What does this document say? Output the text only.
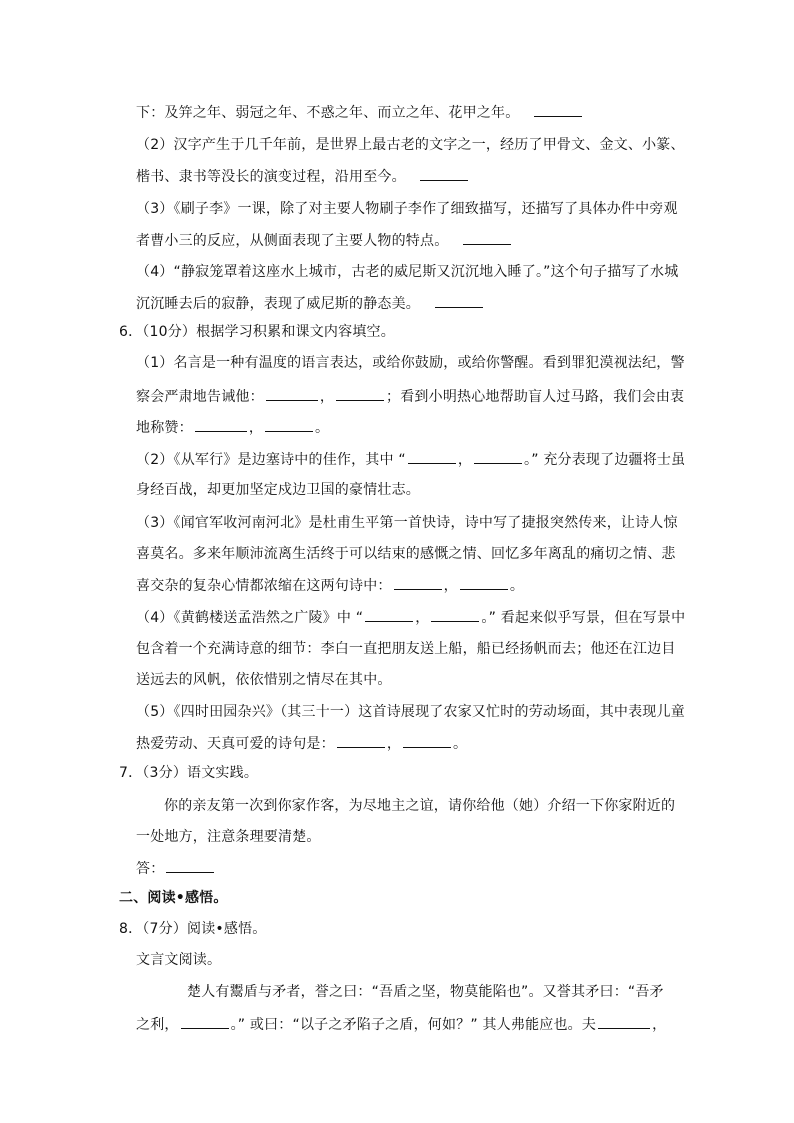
下：及笄之年、弱冠之年、不惑之年、而立之年、花甲之年。
（2）汉字产生于几千年前，是世界上最古老的文字之一，经历了甲骨文、金文、小篆、
楷书、隶书等没长的演变过程，沿用至今。
（3）《刷子李》一课，除了对主要人物刷子李作了细致描写，还描写了具体办件中旁观
者曹小三的反应，从侧面表现了主要人物的特点。
（4）“静寂笼罩着这座水上城市，古老的威尼斯又沉沉地入睡了。”这个句子描写了水城
沉沉睡去后的寂静，表现了威尼斯的静态美。
6．（10分）根据学习积累和课文内容填空。
（1）名言是一种有温度的语言表达，或给你鼓励，或给你警醒。看到罪犯漠视法纪，警
察会严肃地告诫他：	，	；看到小明热心地帮助盲人过马路，我们会由衷
地称赞：	，	。
（2）《从军行》是边塞诗中的佳作，其中 “	，	。” 充分表现了边疆将士虽
身经百战，却更加坚定戍边卫国的豪情壮志。
（3）《闻官军收河南河北》是杜甫生平第一首快诗，诗中写了捷报突然传来，让诗人惊
喜莫名。多来年顺沛流离生活终于可以结束的感慨之情、回忆多年离乱的痛切之情、悲
喜交杂的复杂心情都浓缩在这两句诗中：	，	。
（4）《黄鹤楼送孟浩然之广陵》中 “	，	。” 看起来似乎写景，但在写景中
包含着一个充满诗意的细节：李白一直把朋友送上船，船已经扬帆而去；他还在江边目
送远去的风帆，依依惜别之情尽在其中。
（5）《四时田园杂兴》（其三十一）这首诗展现了农家又忙时的劳动场面，其中表现儿童
热爱劳动、天真可爱的诗句是：	，	。
7．（3分）语文实践。
你的亲友第一次到你家作客，为尽地主之谊，请你给他（她）介绍一下你家附近的
一处地方，注意条理要清楚。
答：
二、阅读•感悟。
8．（7分）阅读•感悟。
文言文阅读。
楚人有鬻盾与矛者，誉之曰：“吾盾之坚，物莫能陷也”。又誉其矛曰：“吾矛
之利，	。” 或曰：“以子之矛陷子之盾，何如？” 其人弗能应也。夫	，
